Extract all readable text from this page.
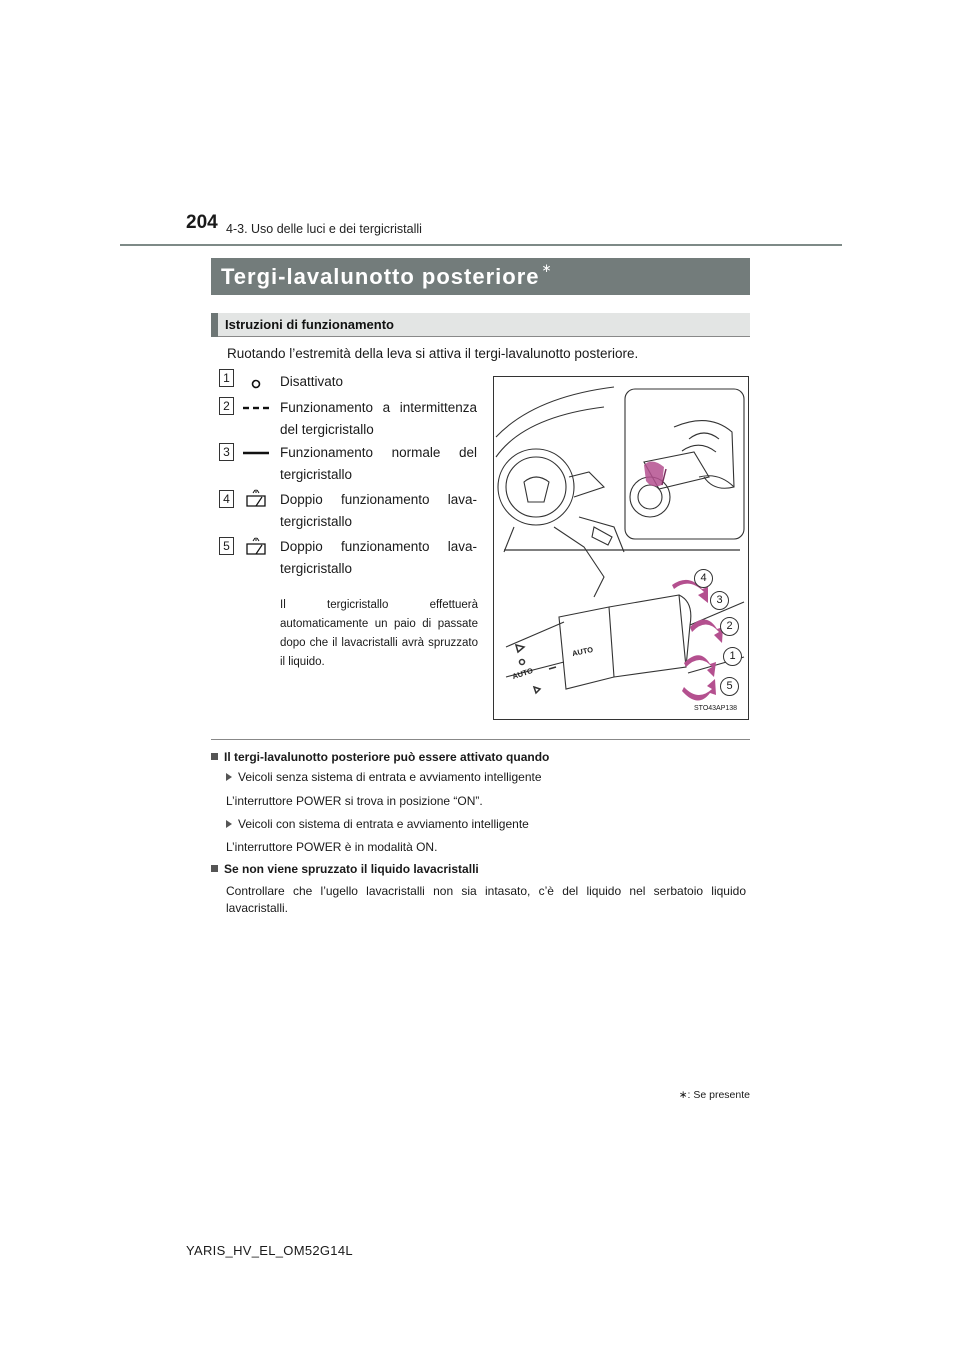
204 4-3. Uso delle luci e dei tergicristalli
Tergi-lavalunotto posteriore ∗
Istruzioni di funzionamento
Ruotando l’estremità della leva si attiva il tergi-lavalunotto posteriore.
1	Disattivato
2	Funzionamento a intermittenza del tergicristallo
3	Funzionamento normale del tergicristallo
4	Doppio funzionamento lava-tergicristallo
5	Doppio funzionamento lava-tergicristallo
Il tergicristallo effettuerà automaticamente un paio di passate dopo che il lavacristalli avrà spruzzato il liquido.
4
3
2
1
5
AUTO
AUTO
STO43AP138
Il tergi-lavalunotto posteriore può essere attivato quando
Veicoli senza sistema di entrata e avviamento intelligente
L’interruttore POWER si trova in posizione “ON”.
Veicoli con sistema di entrata e avviamento intelligente
L’interruttore POWER è in modalità ON.
Se non viene spruzzato il liquido lavacristalli
Controllare che l’ugello lavacristalli non sia intasato, c’è del liquido nel serbatoio liquido lavacristalli.
∗: Se presente
YARIS_HV_EL_OM52G14L
